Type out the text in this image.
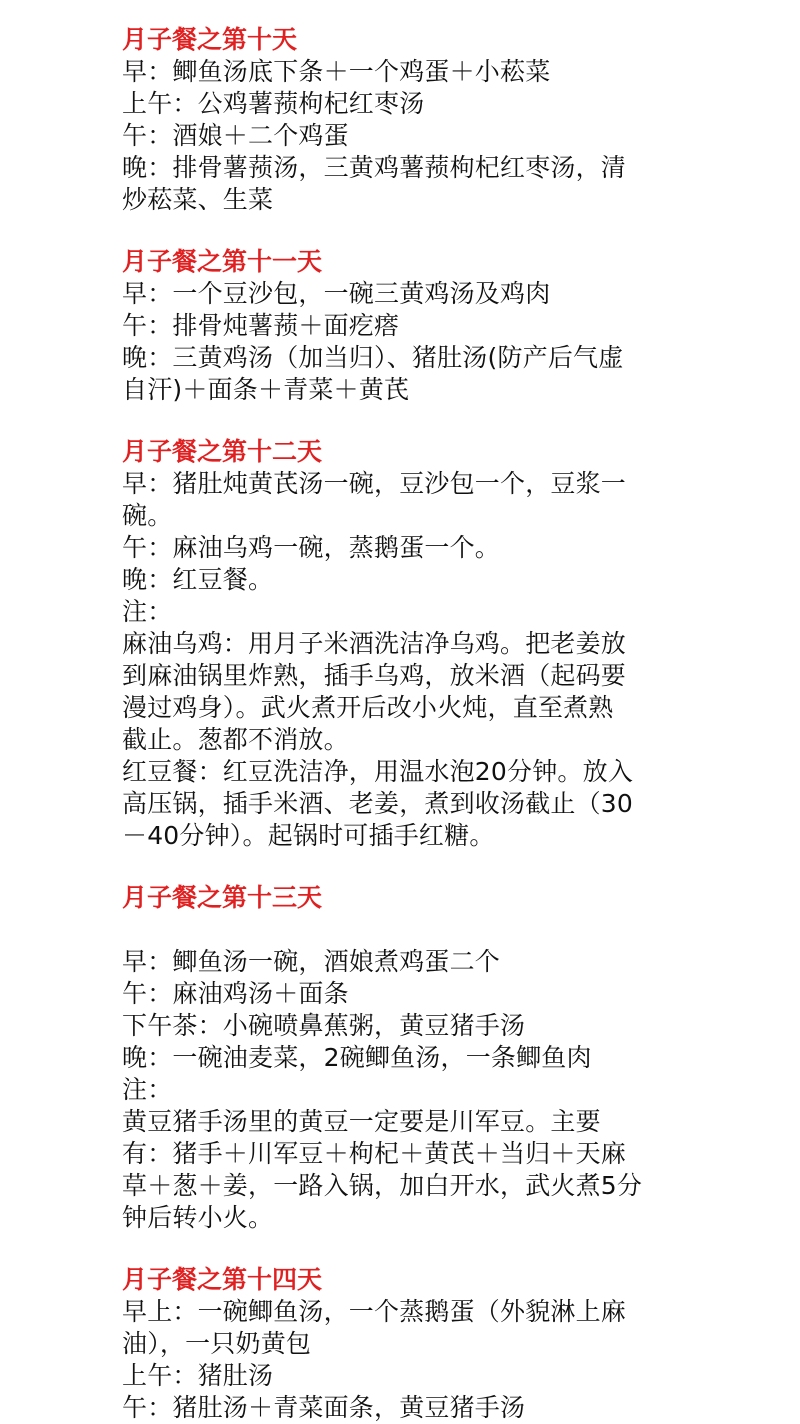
月子餐之第十天
早：鲫鱼汤底下条＋一个鸡蛋＋小菘菜
上午：公鸡薯蓣枸杞红枣汤
午：酒娘＋二个鸡蛋
晚：排骨薯蓣汤，三黄鸡薯蓣枸杞红枣汤，清
炒菘菜、生菜
月子餐之第十一天
早：一个豆沙包，一碗三黄鸡汤及鸡肉
午：排骨炖薯蓣＋面疙瘩
晚：三黄鸡汤（加当归）、猪肚汤(防产后气虚
自汗)＋面条＋青菜＋黄芪
月子餐之第十二天
早：猪肚炖黄芪汤一碗，豆沙包一个，豆浆一
碗。
午：麻油乌鸡一碗，蒸鹅蛋一个。
晚：红豆餐。
注：
麻油乌鸡：用月子米酒洗洁净乌鸡。把老姜放
到麻油锅里炸熟，插手乌鸡，放米酒（起码要
漫过鸡身）。武火煮开后改小火炖，直至煮熟
截止。葱都不消放。
红豆餐：红豆洗洁净，用温水泡20分钟。放入
高压锅，插手米酒、老姜，煮到收汤截止（30
－40分钟）。起锅时可插手红糖。
月子餐之第十三天
早：鲫鱼汤一碗，酒娘煮鸡蛋二个
午：麻油鸡汤＋面条
下午茶：小碗喷鼻蕉粥，黄豆猪手汤
晚：一碗油麦菜，2碗鲫鱼汤，一条鲫鱼肉
注：
黄豆猪手汤里的黄豆一定要是川军豆。主要
有：猪手＋川军豆＋枸杞＋黄芪＋当归＋天麻
草＋葱＋姜，一路入锅，加白开水，武火煮5分
钟后转小火。
月子餐之第十四天
早上：一碗鲫鱼汤，一个蒸鹅蛋（外貌淋上麻
油），一只奶黄包
上午：猪肚汤
午：猪肚汤＋青菜面条，黄豆猪手汤
